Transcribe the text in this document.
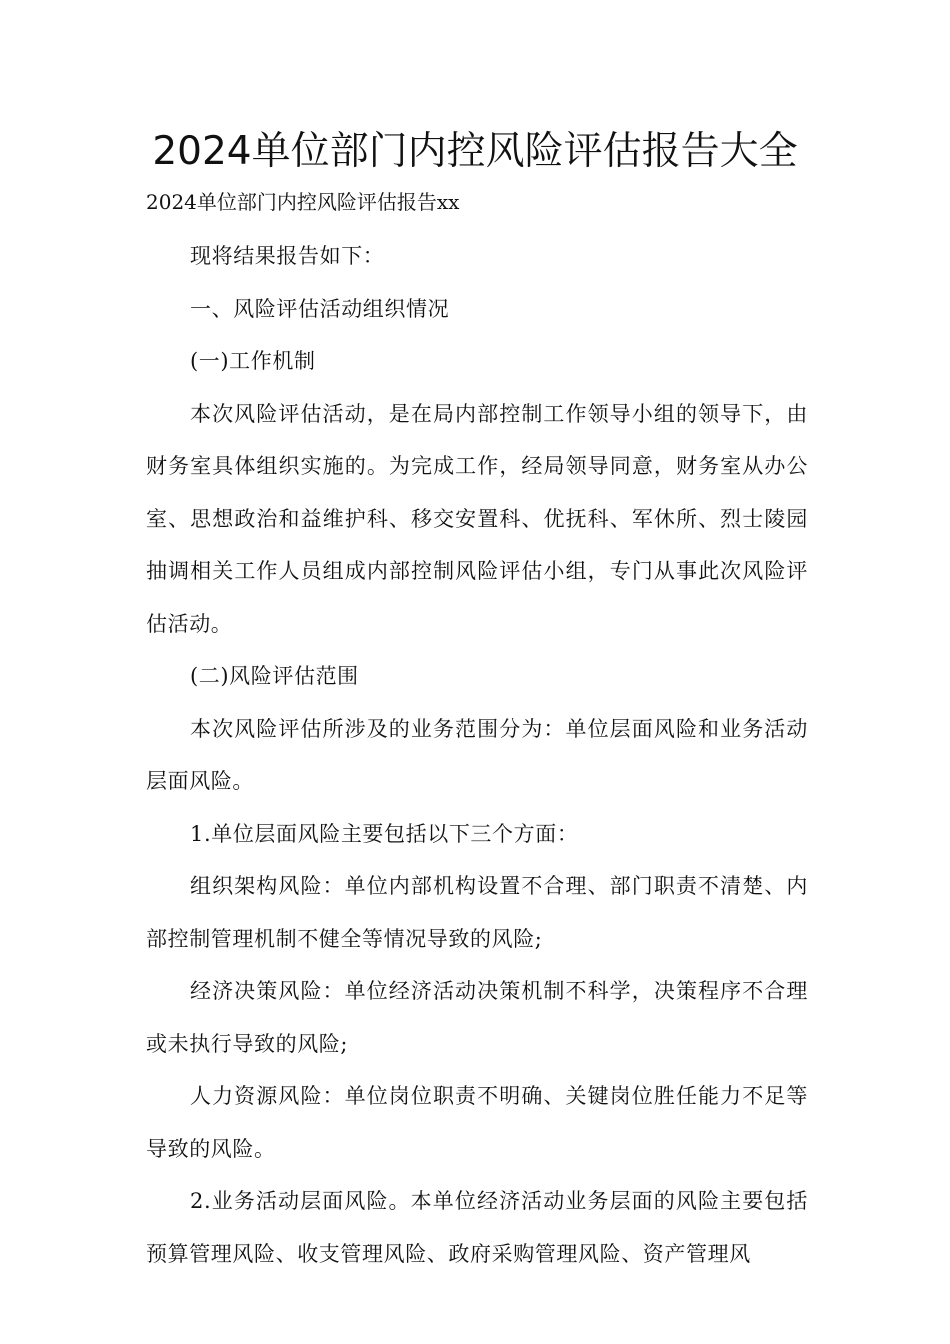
2024单位部门内控风险评估报告大全

2024单位部门内控风险评估报告xx

现将结果报告如下：

一、风险评估活动组织情况

(一)工作机制

本次风险评估活动，是在局内部控制工作领导小组的领导下，由财务室具体组织实施的。为完成工作，经局领导同意，财务室从办公室、思想政治和益维护科、移交安置科、优抚科、军休所、烈士陵园抽调相关工作人员组成内部控制风险评估小组，专门从事此次风险评估活动。

(二)风险评估范围

本次风险评估所涉及的业务范围分为：单位层面风险和业务活动层面风险。

1.单位层面风险主要包括以下三个方面：

组织架构风险：单位内部机构设置不合理、部门职责不清楚、内部控制管理机制不健全等情况导致的风险;

经济决策风险：单位经济活动决策机制不科学，决策程序不合理或未执行导致的风险;

人力资源风险：单位岗位职责不明确、关键岗位胜任能力不足等导致的风险。

2.业务活动层面风险。本单位经济活动业务层面的风险主要包括预算管理风险、收支管理风险、政府采购管理风险、资产管理风
